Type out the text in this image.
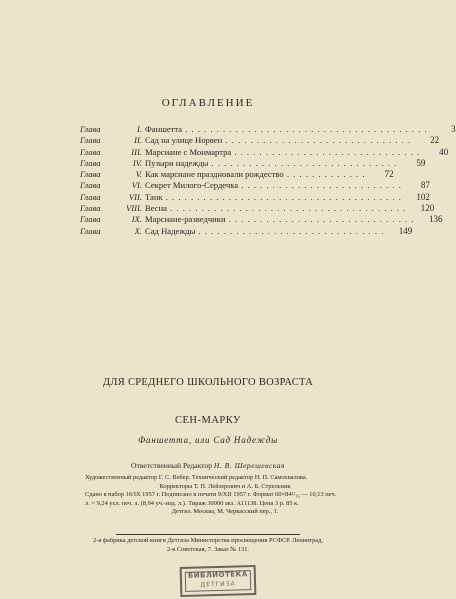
ОГЛАВЛЕНИЕ
Глава	I. Фаншетта . . . . . . . . . . . . . . . . . . . . . . . . . . . . . . . . . . . . . . .	3
Глава	II. Сад на улице Норвен . . . . . . . . . . . . . . . . . . . . . . . . . . . . . .	22
Глава	III. Марсиане с Монмартра . . . . . . . . . . . . . . . . . . . . . . . . . . . . . .	40
Глава	IV. Пузыри надежды . . . . . . . . . . . . . . . . . . . . . . . . . . . . . .	59
Глава	V. Как марсиане праздновали рождество . . . . . . . . . . . . .	72
Глава	VI. Секрет Милого-Сердечка . . . . . . . . . . . . . . . . . . . . . . . . . .	87
Глава	VII. Танк . . . . . . . . . . . . . . . . . . . . . . . . . . . . . . . . . . . . . .	102
Глава	VIII. Весна . . . . . . . . . . . . . . . . . . . . . . . . . . . . . . . . . . . . . .	120
Глава	IX. Марсиане-разведчики . . . . . . . . . . . . . . . . . . . . . . . . . . . . . .	136
Глава	X. Сад Надежды . . . . . . . . . . . . . . . . . . . . . . . . . . . . . .	149
ДЛЯ СРЕДНЕГО ШКОЛЬНОГО ВОЗРАСТА
СЕН-МАРКУ
Фаншетта, или Сад Надежды
Ответственный Редактор Н. В. Шерешевская
Художественный редактор Г. С. Вебер. Технический редактор Н. П. Самохвалова.
Корректоры Т. П. Лейзерович и А. Б. Стрельник
Сдано в набор 16/IX 1957 г. Подписано к печати 9/XII 1957 г. Формат 60×84¹/₁₆ — 10,13 печ.
л. = 9,24 усл. печ. л. (8,94 уч.-изд. л.). Тираж 30000 экз. А11138. Цена 3 р. 85 к.
Детгиз. Москва, М. Черкасский пер., 1.
2-я фабрика детской книги Детгиза Министерства просвещения РСФСР. Ленинград,
2-я Советская, 7. Заказ № 131.
БИБЛИОТЕКА
ДЕТГИЗА
